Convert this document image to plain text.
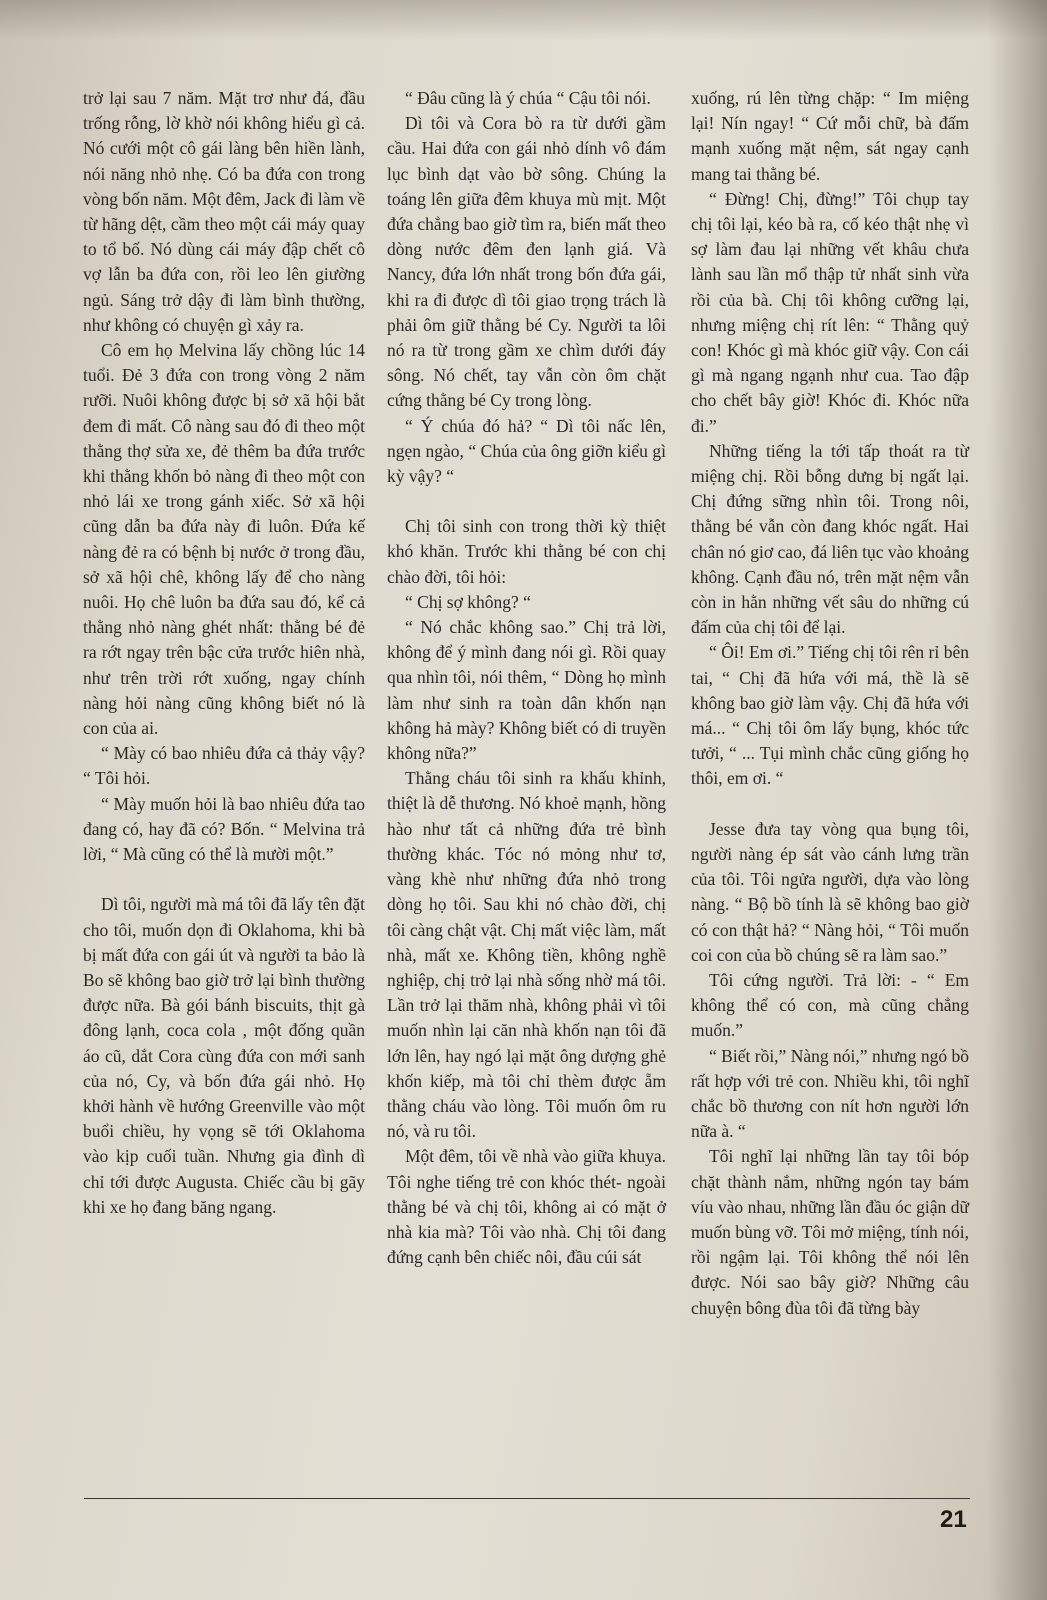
trở lại sau 7 năm. Mặt trơ như đá, đầu trống rỗng, lờ khờ nói không hiểu gì cả. Nó cưới một cô gái làng bên hiền lành, nói năng nhỏ nhẹ. Có ba đứa con trong vòng bốn năm. Một đêm, Jack đi làm về từ hãng dệt, cầm theo một cái máy quay to tổ bố. Nó dùng cái máy đập chết cô vợ lẫn ba đứa con, rồi leo lên giường ngủ. Sáng trở dậy đi làm bình thường, như không có chuyện gì xảy ra.

Cô em họ Melvina lấy chồng lúc 14 tuổi. Đẻ 3 đứa con trong vòng 2 năm rưỡi. Nuôi không được bị sở xã hội bắt đem đi mất. Cô nàng sau đó đi theo một thằng thợ sửa xe, đẻ thêm ba đứa trước khi thằng khốn bỏ nàng đi theo một con nhỏ lái xe trong gánh xiếc. Sở xã hội cũng dẫn ba đứa này đi luôn. Đứa kế nàng đẻ ra có bệnh bị nước ở trong đầu, sở xã hội chê, không lấy để cho nàng nuôi. Họ chê luôn ba đứa sau đó, kể cả thằng nhỏ nàng ghét nhất: thằng bé đẻ ra rớt ngay trên bậc cửa trước hiên nhà, như trên trời rớt xuống, ngay chính nàng hỏi nàng cũng không biết nó là con của ai.

“ Mày có bao nhiêu đứa cả thảy vậy? “ Tôi hỏi.

“ Mày muốn hỏi là bao nhiêu đứa tao đang có, hay đã có? Bốn. “ Melvina trả lời, “ Mà cũng có thể là mười một.”

Dì tôi, người mà má tôi đã lấy tên đặt cho tôi, muốn dọn đi Oklahoma, khi bà bị mất đứa con gái út và người ta bảo là Bo sẽ không bao giờ trở lại bình thường được nữa. Bà gói bánh biscuits, thịt gà đông lạnh, coca cola , một đống quần áo cũ, dắt Cora cùng đứa con mới sanh của nó, Cy, và bốn đứa gái nhỏ. Họ khởi hành về hướng Greenville vào một buổi chiều, hy vọng sẽ tới Oklahoma vào kịp cuối tuần. Nhưng gia đình dì chỉ tới được Augusta. Chiếc cầu bị gãy khi xe họ đang băng ngang.

“ Đâu cũng là ý chúa “ Cậu tôi nói.

Dì tôi và Cora bò ra từ dưới gầm cầu. Hai đứa con gái nhỏ dính vô đám lục bình dạt vào bờ sông. Chúng la toáng lên giữa đêm khuya mù mịt. Một đứa chẳng bao giờ tìm ra, biến mất theo dòng nước đêm đen lạnh giá. Và Nancy, đứa lớn nhất trong bốn đứa gái, khi ra đi được dì tôi giao trọng trách là phải ôm giữ thằng bé Cy. Người ta lôi nó ra từ trong gầm xe chìm dưới đáy sông. Nó chết, tay vẫn còn ôm chặt cứng thằng bé Cy trong lòng.

“ Ý chúa đó hả? “ Dì tôi nấc lên, ngẹn ngào, “ Chúa của ông giỡn kiểu gì kỳ vậy? “

Chị tôi sinh con trong thời kỳ thiệt khó khăn. Trước khi thằng bé con chị chào đời, tôi hỏi:

“ Chị sợ không? “

“ Nó chắc không sao.” Chị trả lời, không để ý mình đang nói gì. Rồi quay qua nhìn tôi, nói thêm, “ Dòng họ mình làm như sinh ra toàn dân khốn nạn không hả mày? Không biết có di truyền không nữa?”

Thằng cháu tôi sinh ra khấu khỉnh, thiệt là dễ thương. Nó khoẻ mạnh, hồng hào như tất cả những đứa trẻ bình thường khác. Tóc nó mỏng như tơ, vàng khè như những đứa nhỏ trong dòng họ tôi. Sau khi nó chào đời, chị tôi càng chật vật. Chị mất việc làm, mất nhà, mất xe. Không tiền, không nghề nghiệp, chị trở lại nhà sống nhờ má tôi. Lần trở lại thăm nhà, không phải vì tôi muốn nhìn lại căn nhà khốn nạn tôi đã lớn lên, hay ngó lại mặt ông dượng ghẻ khốn kiếp, mà tôi chỉ thèm được ẵm thằng cháu vào lòng. Tôi muốn ôm ru nó, và ru tôi.

Một đêm, tôi về nhà vào giữa khuya. Tôi nghe tiếng trẻ con khóc thét- ngoài thằng bé và chị tôi, không ai có mặt ở nhà kia mà? Tôi vào nhà. Chị tôi đang đứng cạnh bên chiếc nôi, đầu cúi sát

xuống, rú lên từng chặp: “ Im miệng lại! Nín ngay! “ Cứ mỗi chữ, bà đấm mạnh xuống mặt nệm, sát ngay cạnh mang tai thằng bé.

“ Đừng! Chị, đừng!” Tôi chụp tay chị tôi lại, kéo bà ra, cố kéo thật nhẹ vì sợ làm đau lại những vết khâu chưa lành sau lần mổ thập tử nhất sinh vừa rồi của bà. Chị tôi không cưỡng lại, nhưng miệng chị rít lên: “ Thằng quỷ con! Khóc gì mà khóc giữ vậy. Con cái gì mà ngang ngạnh như cua. Tao đập cho chết bây giờ! Khóc đi. Khóc nữa đi.”

Những tiếng la tới tấp thoát ra từ miệng chị. Rồi bỗng dưng bị ngất lại. Chị đứng sững nhìn tôi. Trong nôi, thằng bé vẫn còn đang khóc ngất. Hai chân nó giơ cao, đá liên tục vào khoảng không. Cạnh đầu nó, trên mặt nệm vẫn còn in hằn những vết sâu do những cú đấm của chị tôi để lại.

“ Ôi! Em ơi.” Tiếng chị tôi rên rỉ bên tai, “ Chị đã hứa với má, thề là sẽ không bao giờ làm vậy. Chị đã hứa với má... “ Chị tôi ôm lấy bụng, khóc tức tưởi, “ ... Tụi mình chắc cũng giống họ thôi, em ơi. “

Jesse đưa tay vòng qua bụng tôi, người nàng ép sát vào cánh lưng trần của tôi. Tôi ngửa người, dựa vào lòng nàng. “ Bộ bồ tính là sẽ không bao giờ có con thật hả? “ Nàng hỏi, “ Tôi muốn coi con của bồ chúng sẽ ra làm sao.”

Tôi cứng người. Trả lời: - “ Em không thể có con, mà cũng chẳng muốn.”

“ Biết rồi,” Nàng nói,” nhưng ngó bồ rất hợp với trẻ con. Nhiều khi, tôi nghĩ chắc bồ thương con nít hơn người lớn nữa à. “

Tôi nghĩ lại những lần tay tôi bóp chặt thành nắm, những ngón tay bám víu vào nhau, những lần đầu óc giận dữ muốn bùng vỡ. Tôi mở miệng, tính nói, rồi ngậm lại. Tôi không thể nói lên được. Nói sao bây giờ? Những câu chuyện bông đùa tôi đã từng bày

21
